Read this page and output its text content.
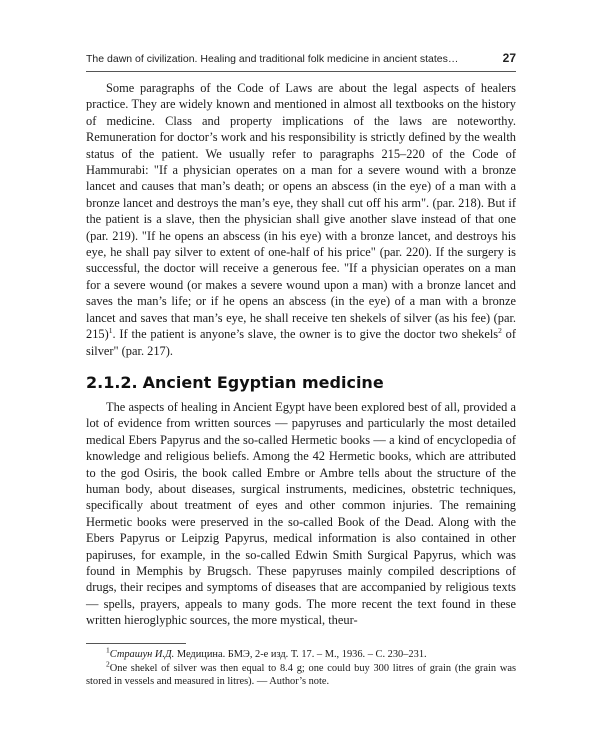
The dawn of civilization. Healing and traditional folk medicine in ancient states…	27

Some paragraphs of the Code of Laws are about the legal aspects of healers practice. They are widely known and mentioned in almost all textbooks on the history of medicine. Class and property implications of the laws are noteworthy. Remuneration for doctor’s work and his responsibility is strictly defined by the wealth status of the patient. We usually refer to paragraphs 215–220 of the Code of Hammurabi: "If a physician operates on a man for a severe wound with a bronze lancet and causes that man’s death; or opens an abscess (in the eye) of a man with a bronze lancet and destroys the man’s eye, they shall cut off his arm". (par. 218). But if the patient is a slave, then the physician shall give another slave instead of that one (par. 219). "If he opens an abscess (in his eye) with a bronze lancet, and destroys his eye, he shall pay silver to extent of one-half of his price" (par. 220). If the surgery is successful, the doctor will receive a generous fee. "If a physician operates on a man for a severe wound (or makes a severe wound upon a man) with a bronze lancet and saves the man’s life; or if he opens an abscess (in the eye) of a man with a bronze lancet and saves that man’s eye, he shall receive ten shekels of silver (as his fee) (par. 215)$^1$. If the patient is anyone’s slave, the owner is to give the doctor two shekels$^2$ of silver" (par. 217).

2.1.2. Ancient Egyptian medicine

The aspects of healing in Ancient Egypt have been explored best of all, provided a lot of evidence from written sources — papyruses and particularly the most detailed medical Ebers Papyrus and the so-called Hermetic books — a kind of encyclopedia of knowledge and religious beliefs. Among the 42 Hermetic books, which are attributed to the god Osiris, the book called Embre or Ambre tells about the structure of the human body, about diseases, surgical instruments, medicines, obstetric techniques, specifically about treatment of eyes and other common injuries. The remaining Hermetic books were preserved in the so-called Book of the Dead. Along with the Ebers Papyrus or Leipzig Papyrus, medical information is also contained in other papiruses, for example, in the so-called Edwin Smith Surgical Papyrus, which was found in Memphis by Brugsch. These papyruses mainly compiled descriptions of drugs, their recipes and symptoms of diseases that are accompanied by religious texts — spells, prayers, appeals to many gods. The more recent the text found in these written hieroglyphic sources, the more mystical, theur-

$^1$Страшун И.Д. Медицина. БМЭ, 2-е изд. Т. 17. – М., 1936. – С. 230–231.

$^2$One shekel of silver was then equal to 8.4 g; one could buy 300 litres of grain (the grain was stored in vessels and measured in litres). — Author’s note.
